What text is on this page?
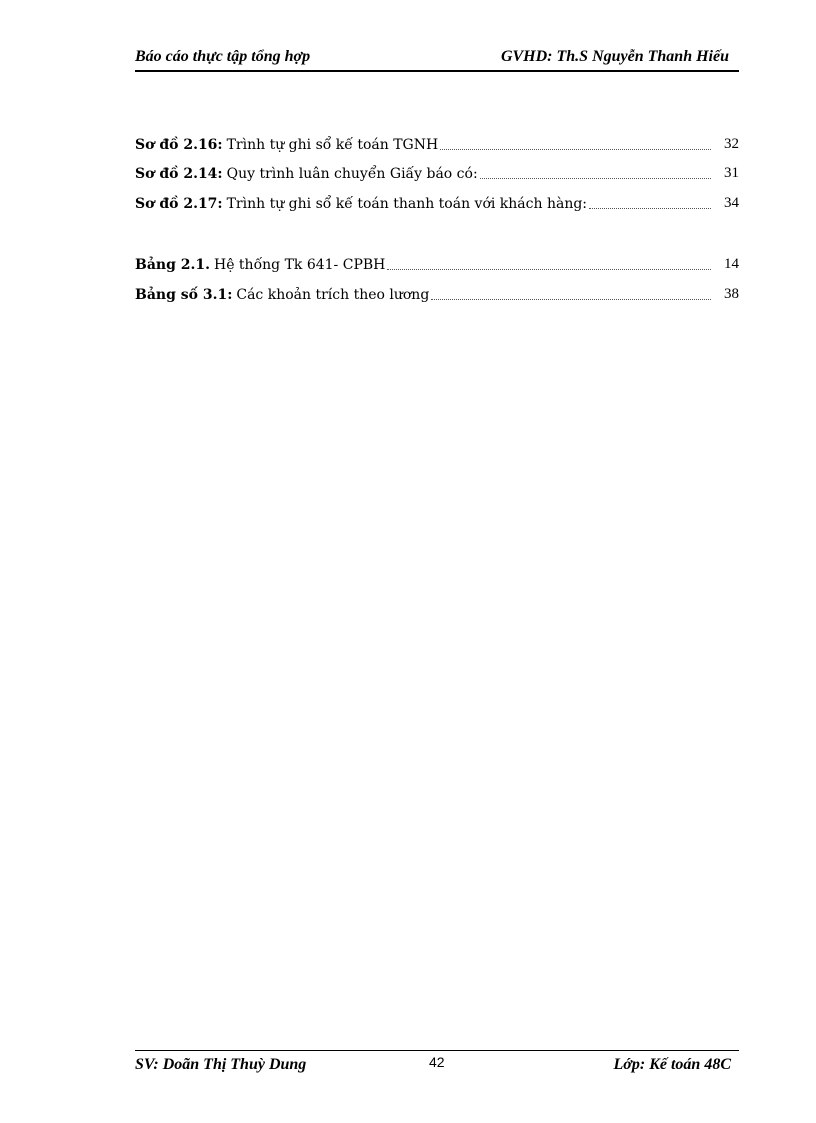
Báo cáo thực tập tổng hợp	GVHD: Th.S Nguyễn Thanh Hiếu
Sơ đồ 2.16: Trình tự ghi sổ kế toán TGNH	32
Sơ đồ 2.14: Quy trình luân chuyển Giấy báo có:	31
Sơ đồ 2.17: Trình tự ghi sổ kế toán thanh toán với khách hàng:	34
Bảng 2.1. Hệ thống Tk 641- CPBH	14
Bảng số 3.1: Các khoản trích theo lương	38
SV: Doãn Thị Thuỳ Dung	42	Lớp: Kế toán 48C
